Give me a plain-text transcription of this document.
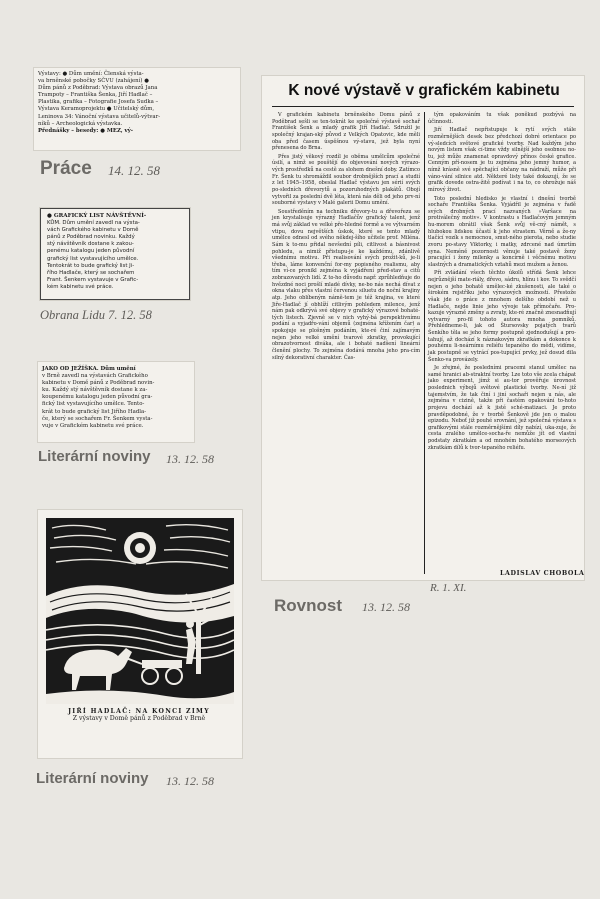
Výstavy: ● Dům umění: Členská výsta-

va brněnské pobočky SČVU (zahájení) ●

Dům pánů z Poděbrad: Výstava obrazů Jana

Trampoty – Františka Šenka, Jiří Hadlač –

Plastika, grafika – Fotografie Josefa Sudka –

Výstava Keramoprojektu ● Učitelský dům,

Leninova 34: Vánoční výstava učitelů-výtvar-

níků – Archeologická výstavka.

Přednášky – besedy: ● MEZ, vý-

Práce 14. 12. 58

● GRAFICKÝ LIST NÁVŠTĚVNÍ-

KŮM. Dům umění zavedl na výsta-

vách Grafického kabinetu v Domě

pánů z Poděbrad novinku. Každý

stý návštěvník dostane k zakou-

penému katalogu jeden původní

grafický list vystavujícího umělce.

Tentokrát to bude grafický list Ji-

řího Hadlače, který se sochařem

Frant. Šenkem vystavuje v Grafic-

kém kabinetu své práce.

Obrana Lidu 7. 12. 58

JAKO OD JEŽÍŠKA. Dům umění

v Brně zavedl na výstavách Grafického

kabinetu v Domě pánů z Poděbrad novin-

ku. Každý stý návštěvník dostane k za-

koupenému katalogu jeden původní gra-

fický list vystavujícího umělce. Tento-

krát to bude grafický list Jiřího Hadla-

če, který se sochařem Fr. Šenkem vysta-

vuje v Grafickém kabinetu své práce.

Literární noviny 13. 12. 58
JIŘÍ HADLAČ: NA KONCI ZIMY
Z výstavy v Domě pánů z Poděbrad v Brně
Literární noviny 13. 12. 58
K nové výstavě v grafickém kabinetu

V grafickém kabinetu brněnského Domu pánů z Poděbrad sešli se ten-tokrát ke společné výstavě sochař František Šenk a mladý grafik Jiří Hadlač. Sdružil je společný krajan-ský původ z Velkých Opatovic, kde měli oba před časem úspěšnou vý-stavu, jež byla nyní přenesena do Brna.

Přes jistý věkový rozdíl je oběma umělcům společné úsilí, a nimž se pouštějí do objevování nových výrazo-vých prostředků na cestě za slohem dnešní doby. Zatímco Fr. Šenk tu shromáždil soubor drobnějších prací a studií z let 1945–1958, obeslal Hadlač výstavu jen sérií svých po-sledních dřevorytů a pozoruhodných plakátů. Obojí vytvořil za poslední dvě léta, která nás děli od jeho prv-ní souborné výstavy v Malé galerii Domu umění.

Soustředěním na techniku dřevory-tu a dřevořezu se jen krystalisuje výrazný Hadlačův grafický talent, jenž má svůj základ ve velké pře-hledné formě a ve výtvarném vtipu, dovu největších úskok, které se tento mladý umělce odnesl od svého někdej-šího učitele prof. Miléna. Sám k to-mu přidal nevšední píli, citlivost a básnivost pohledu, a nimiž přistupu-je ke každému, zdánlivě všednímu motivu. Při realisování svých prožit-ků, je-li třeba, láme konvenční for-my popisného realismu, aby tím ví-ce pronikl zejména k vyjádření před-stav a citů zobrazovaných lidí. Z to-ho důvodu např. zprůhledňuje do hvězdné noci prošlí mladé dívky, ne-bo nás nechá dívat z okna vlaku přes vlastní červenou siluetu do noční krajiny atp. Jeho oblíbeným námě-tem je též krajina, ve které Jiře-Hadlač jí obhlíží citlivým pohledem milence, jenž nám pak odkrývá své objevy v grafický výrazové bohaté-tých listech. Zjevně se v nich vyhý-bá perspektivnímu podání a vyjadřo-vání objemů (zejména křížením čar) a spokojuje se plošným podáním, kte-ré činí zajímavým nejen jeho velké umění tvarové zkratky, provokující obrazotvornost diváka, ale i bohaté nadšení lineární členění plochy. To zejména dodává mnoha jeho pra-cím silný dekorativní charakter. Čas-

tým opakováním tu však poněkud pozbývá na účinnosti.

Jiří Hadlač nepřistupuje k rytí svých stále rozměrnějších desek bez předchozí dobré orientace po vý-sledcích světové grafické tvorby. Nad každým jeho novým listem však cí-time vždy silnější jeho osobnou no-tu, jež může znamenat opravdový přínos české grafice. Cenným pří-nosem je tu zejména jeho jemný humor, a nímž krásně své spěchající občany na nádraží, může při váno-vání silnice atd. Některé listy také dokazují, že se grafik dovede ostra-žitě podívat i na to, co ohrožuje náš mírový život.

Toto poslední hledisko je vlastní i dnešní tvorbě sochaře Františka Šenka. Vyjádřil je zejména v řadě svých drobných prací nazvaných »Varšace na protiválečný motiv«. V kontrastu s Hadlačovým jemným hu-morem obrátil však Šenk svůj vě-cný námět, s hlubokou lidskou účastí k jeho strastem. Věrně a že-ny tlačící vozík s nemocnou, smut-ného pierota, nebo studie zvoru po-stavy Viktorky, i matky, zdrcené nad úmrtím syna. Neméně pozornosti věnuje také postavě ženy pracující i ženy milenky a koncírně i věčnému motivu slastných a dramatických vztahů mezi mužem a ženou.

Při zvládání všech těchto úkolů střídá Šenk lehce nejrůznější mate-riály, dřevo, sádru, hlínu i kov. To svědčí nejen o jeho bohatě umělec-ké zkušenosti, ale také o širokém rejstříku jeho výrazových možností. Přestože však jde o práce z mnohem delšího období než u Hadlače, nejde linie jeho vývoje tak přímočaře. Pro-kazuje výrazně změny a zvraty, kte-ré značně znesnadňují vytvarný pro-fil tohoto autora mnoha pomníků. Přehlédneme-li, jak od Štursovsky pojatých tvarů Šenkího těla se jeho formy postupně zjednodušují a pro-tahují, až dochází k náznakovým zkratkám a dokonce k pouhému li-neárnímu reliéfu tepaného do mědi, vidíme, jak postupně se vytrácí pos-tupující prvky, jež dosud dila Šenko-va provázely.

Je zřejmé, že posledními pracemi stanul umělec na samé hranici ab-straktní tvorby. Lze toto vše zcela chápat jako experiment, jímž si au-tor prověřuje úrovnost poslednich výbojů světové plastické tvorby. Ne-ní již tajemstvím, že tak činí i jiní sochaři nejen u nás, ale zejména v cizině, takže při častém opakování to-hoto projevu dochází až k jisté sché-matizaci. Je proto pravděpodobné, že v tvorbě Šenkově jde jen o malou epizodu. Neboť již pouhé srovnání, jež společná výstava s grafikovými stále rozměrnějšími díly nabízí, uka-zuje, že cesta zralého umělce-socha-ře nemůže jít od vlastní podstaty zkratkám a od mnohém bohatého morseových zkratkám dílů k tvor-tepaného reliéfu.

LADISLAV CHOBOLA
R. 1. XI.
Rovnost 13. 12. 58
